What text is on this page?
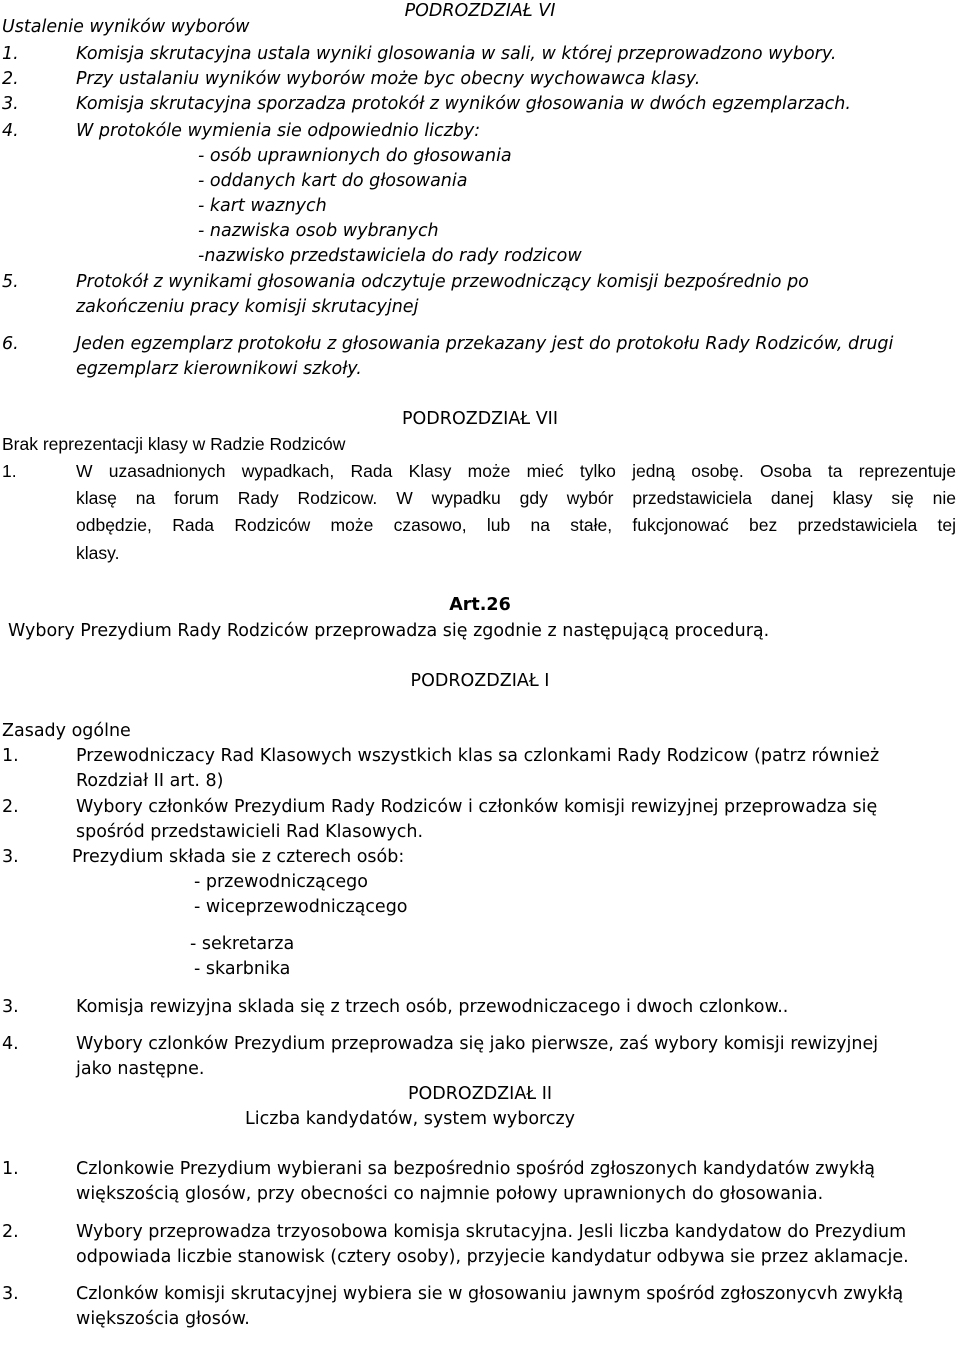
PODROZDZIAŁ VI
Ustalenie wyników wyborów
1.	Komisja skrutacyjna ustala wyniki glosowania w sali, w której przeprowadzono wybory.
2.	Przy ustalaniu wyników wyborów może byc obecny wychowawca klasy.
3.	Komisja skrutacyjna sporzadza protokół z wyników głosowania w dwóch egzemplarzach.
4.	W protokóle wymienia sie odpowiednio liczby:
- osób uprawnionych do głosowania
- oddanych kart do głosowania
- kart waznych
- nazwiska osob wybranych
-nazwisko przedstawiciela do rady rodzicow
5.	Protokół z wynikami głosowania odczytuje przewodniczący komisji bezpośrednio po
zakończeniu pracy komisji skrutacyjnej
6.	Jeden egzemplarz protokołu z głosowania przekazany jest do protokołu Rady Rodziców, drugi
egzemplarz kierownikowi szkoły.
PODROZDZIAŁ VII
Brak reprezentacji klasy w Radzie Rodziców
1.	W uzasadnionych wypadkach, Rada Klasy może mieć tylko jedną osobę. Osoba ta reprezentuje
klasę na forum Rady Rodzicow. W wypadku gdy wybór przedstawiciela danej klasy się nie
odbędzie, Rada Rodziców może czasowo, lub na stałe, fukcjonować bez przedstawiciela tej
klasy.
Art.26
Wybory Prezydium Rady Rodziców przeprowadza się zgodnie z następującą procedurą.
PODROZDZIAŁ I
Zasady ogólne
1.	Przewodniczacy Rad Klasowych wszystkich klas sa czlonkami Rady Rodzicow (patrz również
Rozdział II art. 8)
2.	Wybory członków Prezydium Rady Rodziców i członków komisji rewizyjnej przeprowadza się
spośród przedstawicieli Rad Klasowych.
3.	Prezydium składa sie z czterech osób:
- przewodniczącego
- wiceprzewodniczącego
- sekretarza
- skarbnika
3.	Komisja rewizyjna sklada się z trzech osób, przewodniczacego i dwoch czlonkow..
4.	Wybory czlonków Prezydium przeprowadza się jako pierwsze, zaś wybory komisji rewizyjnej
jako następne.
PODROZDZIAŁ II
Liczba kandydatów, system wyborczy
1.	Czlonkowie Prezydium wybierani sa bezpośrednio spośród zgłoszonych kandydatów zwykłą
większością glosów, przy obecności co najmnie połowy uprawnionych do głosowania.
2.	Wybory przeprowadza trzyosobowa komisja skrutacyjna. Jesli liczba kandydatow do Prezydium
odpowiada liczbie stanowisk (cztery osoby), przyjecie kandydatur odbywa sie przez aklamacje.
3.	Czlonków komisji skrutacyjnej wybiera sie w głosowaniu jawnym spośród zgłoszonycvh zwykłą
większościa głosów.
